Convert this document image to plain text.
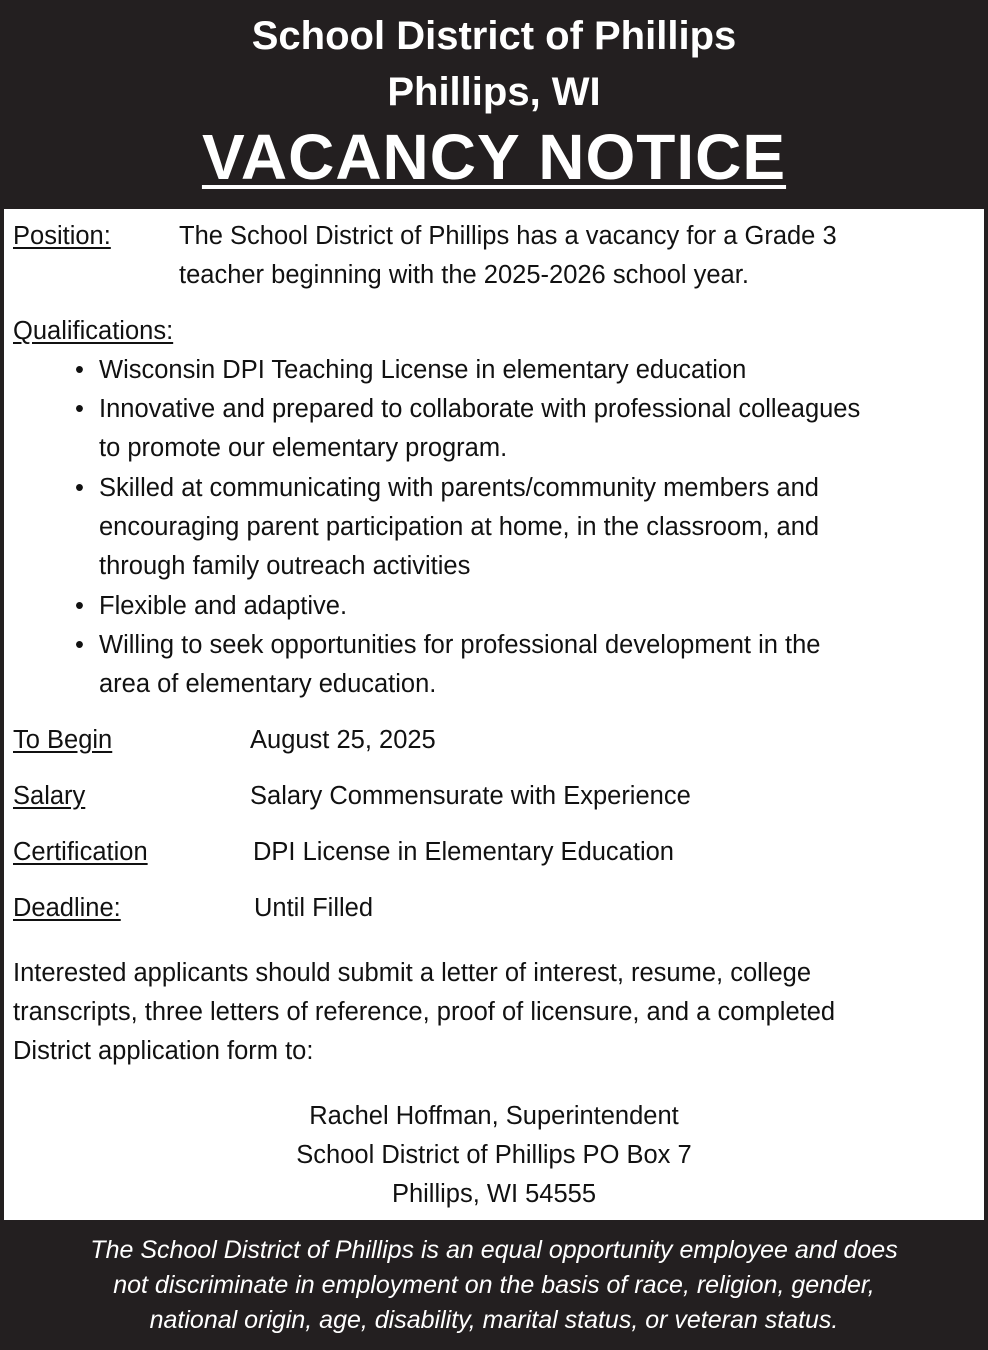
School District of Phillips
Phillips, WI
VACANCY NOTICE
Position:	The School District of Phillips has a vacancy for a Grade 3
teacher beginning with the 2025-2026 school year.
Qualifications:
• Wisconsin DPI Teaching License in elementary education
• Innovative and prepared to collaborate with professional colleagues
to promote our elementary program.
• Skilled at communicating with parents/community members and
encouraging parent participation at home, in the classroom, and
through family outreach activities
• Flexible and adaptive.
• Willing to seek opportunities for professional development in the
area of elementary education.
To Begin	August 25, 2025
Salary	Salary Commensurate with Experience
Certification	DPI License in Elementary Education
Deadline:	Until Filled
Interested applicants should submit a letter of interest, resume, college
transcripts, three letters of reference, proof of licensure, and a completed
District application form to:
Rachel Hoffman, Superintendent
School District of Phillips PO Box 7
Phillips, WI 54555
The School District of Phillips is an equal opportunity employee and does
not discriminate in employment on the basis of race, religion, gender,
national origin, age, disability, marital status, or veteran status.
